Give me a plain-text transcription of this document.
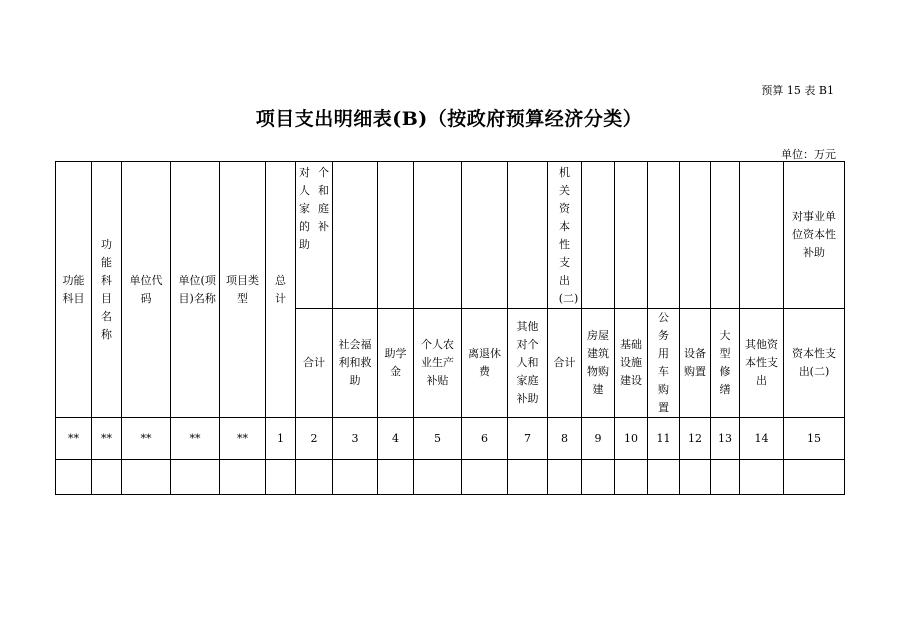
预算 15 表 B1
项目支出明细表(B)（按政府预算经济分类）
单位：万元
功能科目	功能科目名称	单位代码	单位(项目)名称	项目类型	总计	对个人和家庭的补助						机关资本性支出(二)							对事业单位资本性补助
						合计	社会福利和救助	助学金	个人农业生产补贴	离退休费	其他对个人和家庭补助	合计	房屋建筑物购建	基础设施建设	公务用车购置	设备购置	大型修缮	其他资本性支出	资本性支出(二)
**	**	**	**	**	1	2	3	4	5	6	7	8	9	10	11	12	13	14	15
